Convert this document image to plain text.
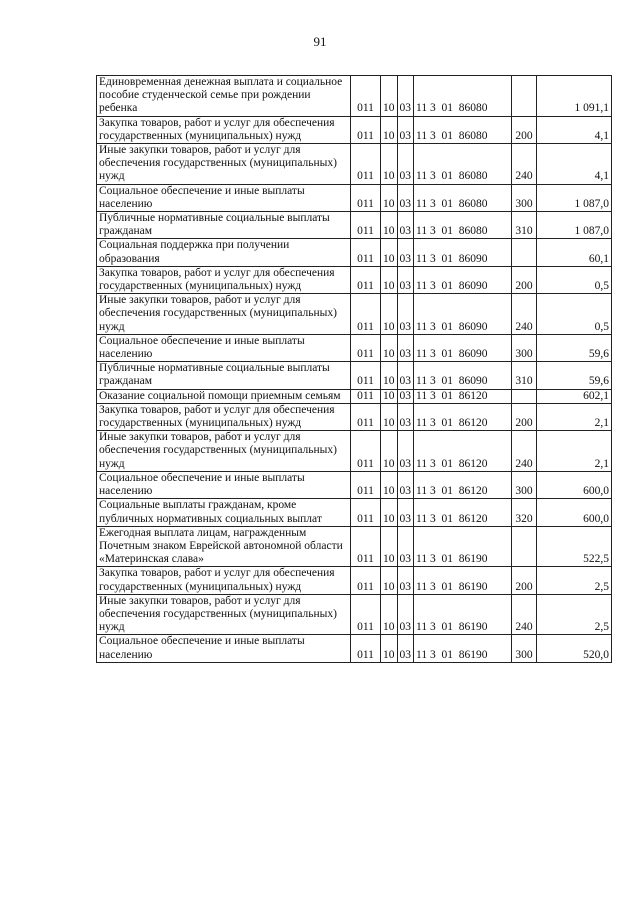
91
Единовременная денежная выплата и социальное пособие студенческой семье при рождении ребенка	011	10	03	11 3  01  86080		1 091,1
Закупка товаров, работ и услуг для обеспечения государственных (муниципальных) нужд	011	10	03	11 3  01  86080	200	4,1
Иные закупки товаров, работ и услуг для обеспечения государственных (муниципальных) нужд	011	10	03	11 3  01  86080	240	4,1
Социальное обеспечение и иные выплаты населению	011	10	03	11 3  01  86080	300	1 087,0
Публичные нормативные социальные выплаты гражданам	011	10	03	11 3  01  86080	310	1 087,0
Социальная поддержка при получении образования	011	10	03	11 3  01  86090		60,1
Закупка товаров, работ и услуг для обеспечения государственных (муниципальных) нужд	011	10	03	11 3  01  86090	200	0,5
Иные закупки товаров, работ и услуг для обеспечения государственных (муниципальных) нужд	011	10	03	11 3  01  86090	240	0,5
Социальное обеспечение и иные выплаты населению	011	10	03	11 3  01  86090	300	59,6
Публичные нормативные социальные выплаты гражданам	011	10	03	11 3  01  86090	310	59,6
Оказание социальной помощи приемным семьям	011	10	03	11 3  01  86120		602,1
Закупка товаров, работ и услуг для обеспечения государственных (муниципальных) нужд	011	10	03	11 3  01  86120	200	2,1
Иные закупки товаров, работ и услуг для обеспечения государственных (муниципальных) нужд	011	10	03	11 3  01  86120	240	2,1
Социальное обеспечение и иные выплаты населению	011	10	03	11 3  01  86120	300	600,0
Социальные выплаты гражданам, кроме публичных нормативных социальных выплат	011	10	03	11 3  01  86120	320	600,0
Ежегодная выплата лицам, награжденным Почетным знаком Еврейской автономной области «Материнская слава»	011	10	03	11 3  01  86190		522,5
Закупка товаров, работ и услуг для обеспечения государственных (муниципальных) нужд	011	10	03	11 3  01  86190	200	2,5
Иные закупки товаров, работ и услуг для обеспечения государственных (муниципальных) нужд	011	10	03	11 3  01  86190	240	2,5
Социальное обеспечение и иные выплаты населению	011	10	03	11 3  01  86190	300	520,0
